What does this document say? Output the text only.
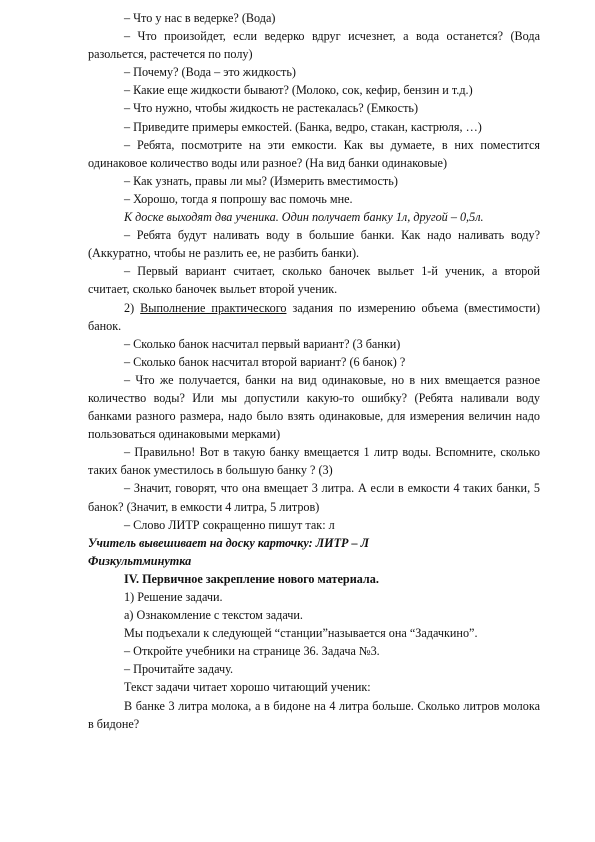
– Что у нас в ведерке? (Вода)

– Что произойдет, если ведерко вдруг исчезнет, а вода останется? (Вода разольется, растечется по полу)

– Почему? (Вода – это жидкость)

– Какие еще жидкости бывают? (Молоко, сок, кефир, бензин и т.д.)

– Что нужно, чтобы жидкость не растекалась? (Емкость)

– Приведите примеры емкостей. (Банка, ведро, стакан, кастрюля, …)

– Ребята, посмотрите на эти емкости. Как вы думаете, в них поместится одинаковое количество воды или разное? (На вид банки одинаковые)

– Как узнать, правы ли мы? (Измерить вместимость)

– Хорошо, тогда я попрошу вас помочь мне.

К доске выходят два ученика. Один получает банку 1л, другой – 0,5л.

– Ребята будут наливать воду в большие банки. Как надо наливать воду? (Аккуратно, чтобы не разлить ее, не разбить банки).

– Первый вариант считает, сколько баночек выльет 1-й ученик, а второй считает, сколько баночек выльет второй ученик.

2) Выполнение практического задания по измерению объема (вместимости) банок.

– Сколько банок насчитал первый вариант? (3 банки)

– Сколько банок насчитал второй вариант? (6 банок) ?

– Что же получается, банки на вид одинаковые, но в них вмещается разное количество воды? Или мы допустили какую-то ошибку? (Ребята наливали воду банками разного размера, надо было взять одинаковые, для измерения величин надо пользоваться одинаковыми мерками)

– Правильно! Вот в такую банку вмещается 1 литр воды. Вспомните, сколько таких банок уместилось в большую банку ? (3)

– Значит, говорят, что она вмещает 3 литра. А если в емкости 4 таких банки, 5 банок? (Значит, в емкости 4 литра, 5 литров)

– Слово ЛИТР сокращенно пишут так: л

Учитель вывешивает на доску карточку: ЛИТР – Л

Физкультминутка

IV. Первичное закрепление нового материала.

1) Решение задачи.

а) Ознакомление с текстом задачи.

Мы подъехали к следующей “станции”называется она “Задачкино”.

– Откройте учебники на странице 36. Задача №3.

– Прочитайте задачу.

Текст задачи читает хорошо читающий ученик:

В банке 3 литра молока, а в бидоне на 4 литра больше. Сколько литров молока в бидоне?
